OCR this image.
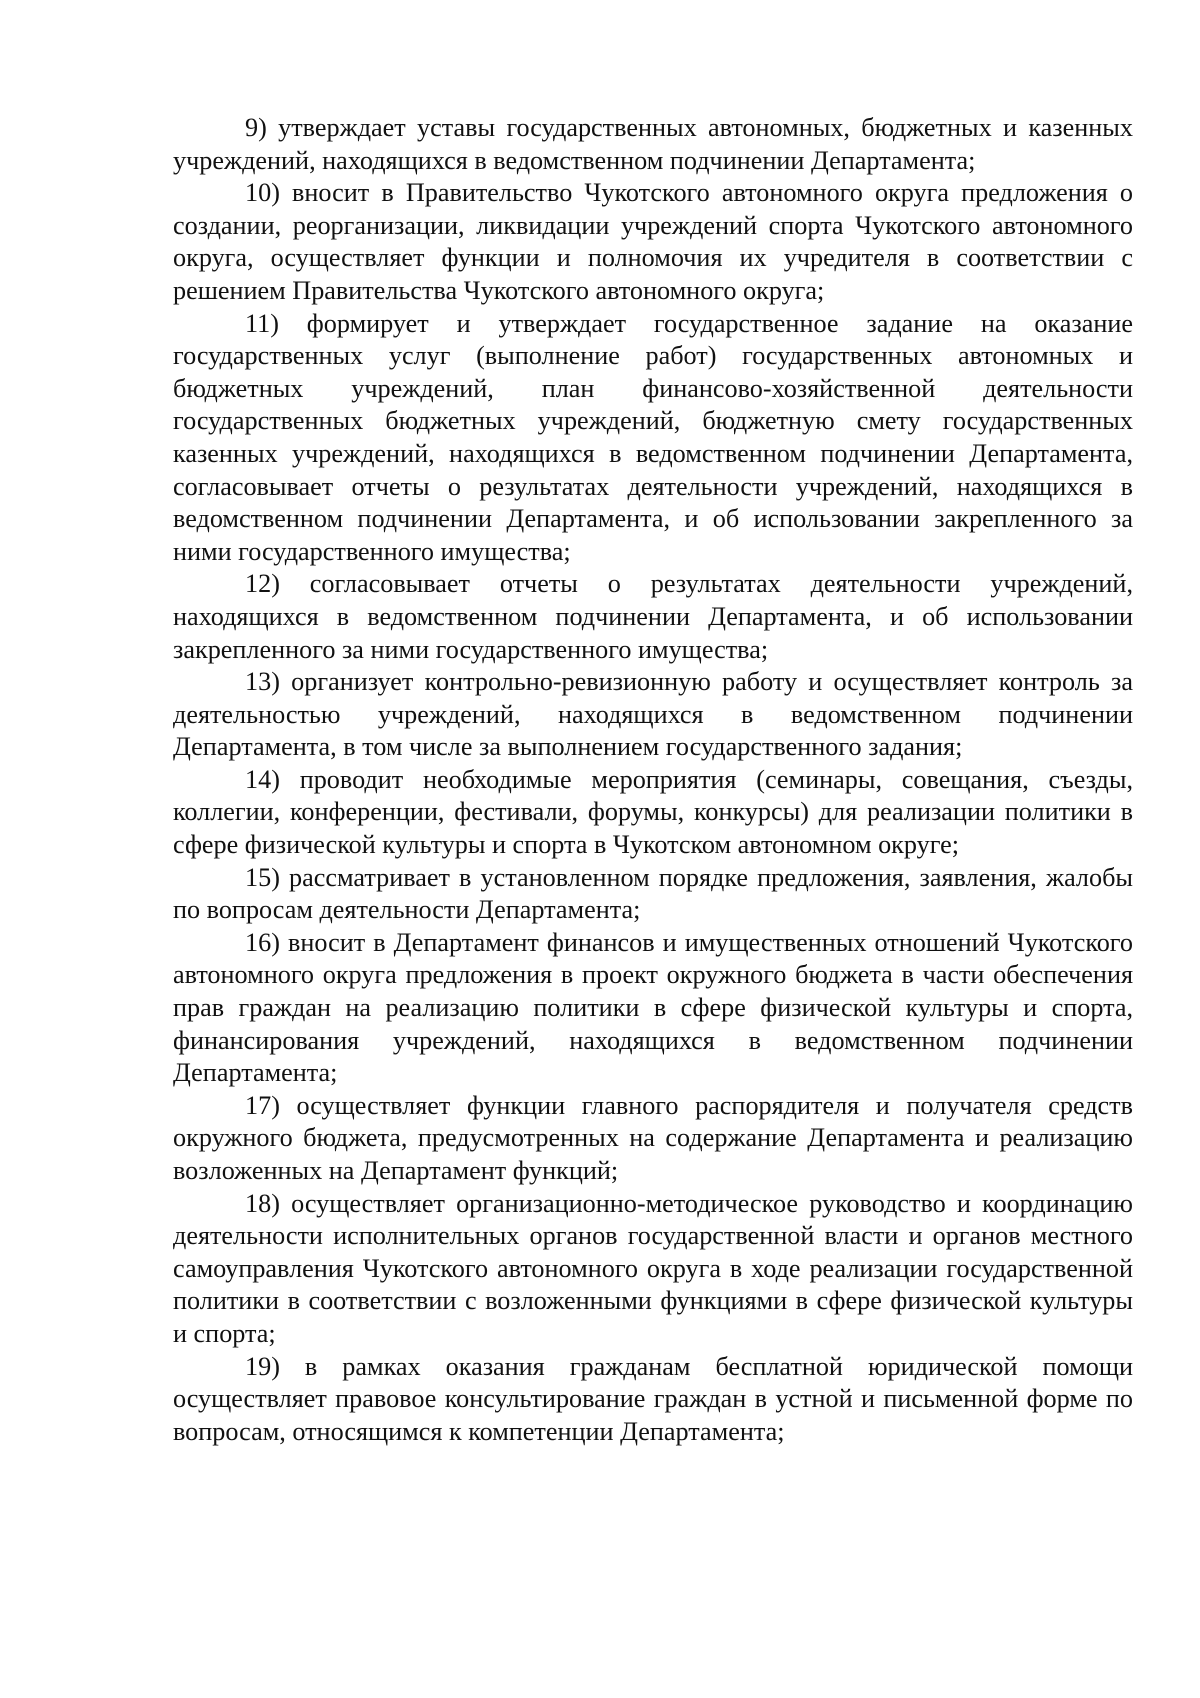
9) утверждает уставы государственных автономных, бюджетных и казенных учреждений, находящихся в ведомственном подчинении Департамента;

10) вносит в Правительство Чукотского автономного округа предложения о создании, реорганизации, ликвидации учреждений спорта Чукотского автономного округа, осуществляет функции и полномочия их учредителя в соответствии с решением Правительства Чукотского автономного округа;

11) формирует и утверждает государственное задание на оказание государственных услуг (выполнение работ) государственных автономных и бюджетных учреждений, план финансово-хозяйственной деятельности государственных бюджетных учреждений, бюджетную смету государственных казенных учреждений, находящихся в ведомственном подчинении Департамента, согласовывает отчеты о результатах деятельности учреждений, находящихся в ведомственном подчинении Департамента, и об использовании закрепленного за ними государственного имущества;

12) согласовывает отчеты о результатах деятельности учреждений, находящихся в ведомственном подчинении Департамента, и об использовании закрепленного за ними государственного имущества;

13) организует контрольно-ревизионную работу и осуществляет контроль за деятельностью учреждений, находящихся в ведомственном подчинении Департамента, в том числе за выполнением государственного задания;

14) проводит необходимые мероприятия (семинары, совещания, съезды, коллегии, конференции, фестивали, форумы, конкурсы) для реализации политики в сфере физической культуры и спорта в Чукотском автономном округе;

15) рассматривает в установленном порядке предложения, заявления, жалобы по вопросам деятельности Департамента;

16) вносит в Департамент финансов и имущественных отношений Чукотского автономного округа предложения в проект окружного бюджета в части обеспечения прав граждан на реализацию политики в сфере физической культуры и спорта, финансирования учреждений, находящихся в ведомственном подчинении Департамента;

17) осуществляет функции главного распорядителя и получателя средств окружного бюджета, предусмотренных на содержание Департамента и реализацию возложенных на Департамент функций;

18) осуществляет организационно-методическое руководство и координацию деятельности исполнительных органов государственной власти и органов местного самоуправления Чукотского автономного округа в ходе реализации государственной политики в соответствии с возложенными функциями в сфере физической культуры и спорта;

19) в рамках оказания гражданам бесплатной юридической помощи осуществляет правовое консультирование граждан в устной и письменной форме по вопросам, относящимся к компетенции Департамента;
